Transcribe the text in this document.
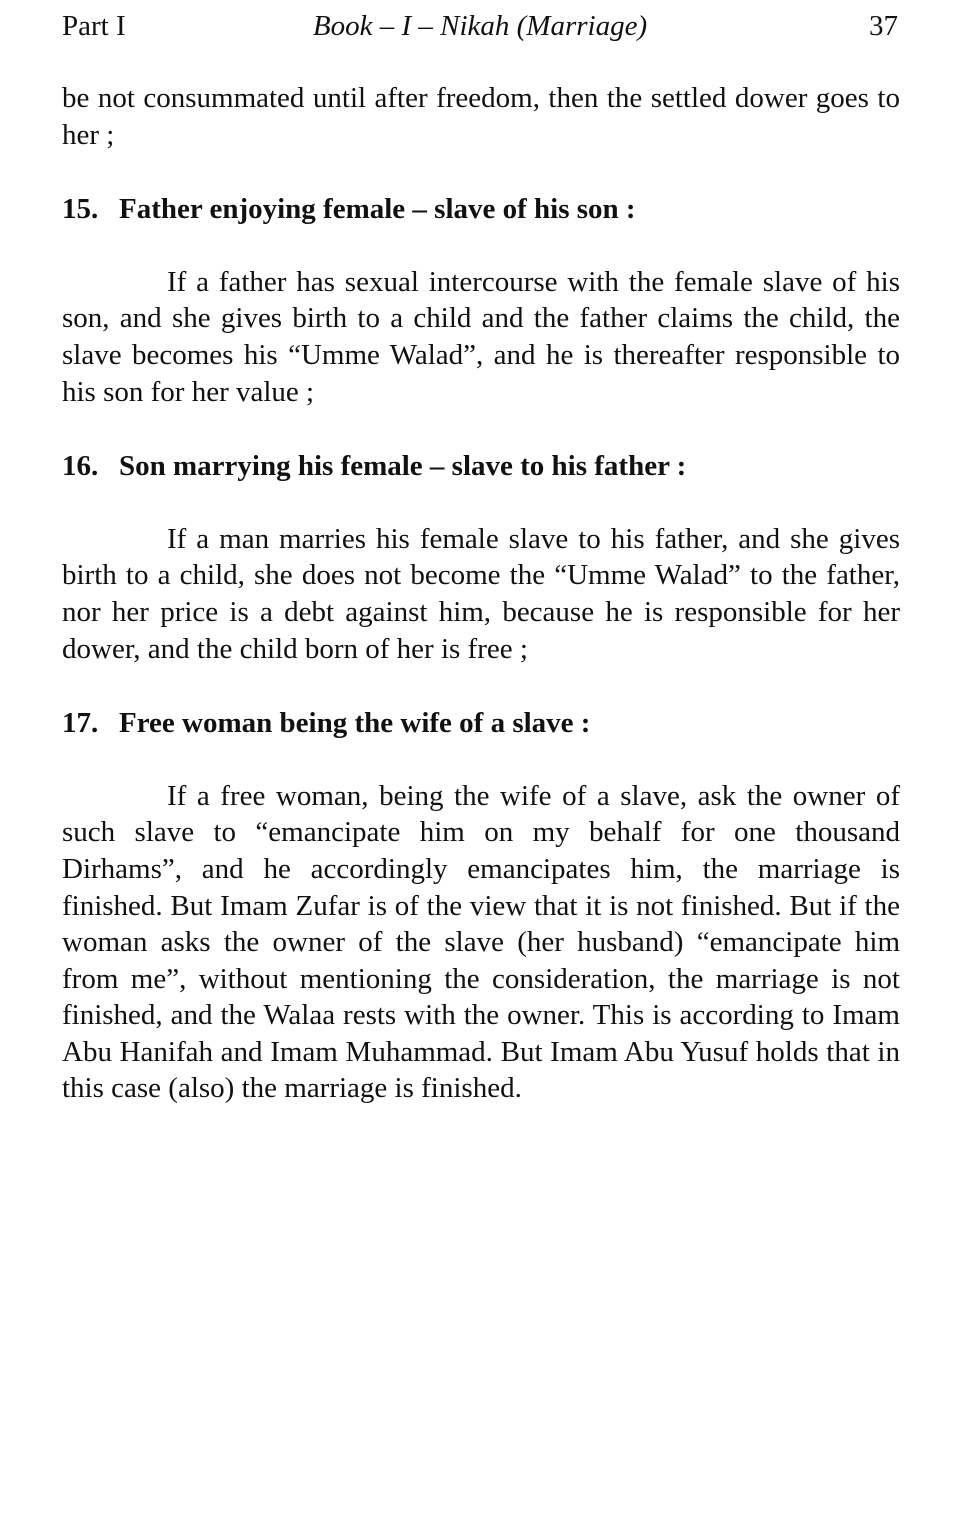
Part I	Book – I – Nikah (Marriage)	37

be not consummated until after freedom, then the settled dower goes to her ;

15. Father enjoying female – slave of his son :

If a father has sexual intercourse with the female slave of his son, and she gives birth to a child and the father claims the child, the slave becomes his “Umme Walad”, and he is thereafter responsible to his son for her value ;

16. Son marrying his female – slave to his father :

If a man marries his female slave to his father, and she gives birth to a child, she does not become the “Umme Walad” to the father, nor her price is a debt against him, because he is responsible for her dower, and the child born of her is free ;

17. Free woman being the wife of a slave :

If a free woman, being the wife of a slave, ask the owner of such slave to “emancipate him on my behalf for one thousand Dirhams”, and he accordingly emancipates him, the marriage is finished. But Imam Zufar is of the view that it is not finished. But if the woman asks the owner of the slave (her husband) “emancipate him from me”, without mentioning the consideration, the marriage is not finished, and the Walaa rests with the owner. This is according to Imam Abu Hanifah and Imam Muhammad. But Imam Abu Yusuf holds that in this case (also) the marriage is finished.
